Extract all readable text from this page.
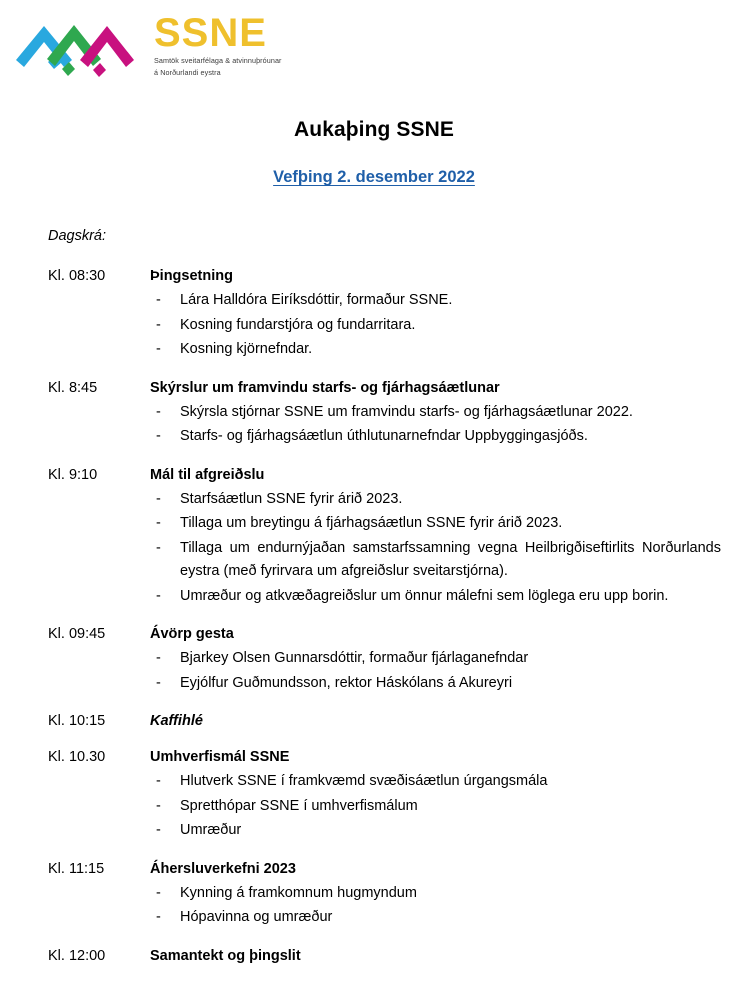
SSNE
Samtök sveitarfélaga & atvinnuþróunar
á Norðurlandi eystra
Aukaþing SSNE
Vefþing 2. desember 2022
Dagskrá:
Kl. 08:30	Þingsetning
- Lára Halldóra Eiríksdóttir, formaður SSNE.
- Kosning fundarstjóra og fundarritara.
- Kosning kjörnefndar.
Kl. 8:45	Skýrslur um framvindu starfs- og fjárhagsáætlunar
- Skýrsla stjórnar SSNE um framvindu starfs- og fjárhagsáætlunar 2022.
- Starfs- og fjárhagsáætlun úthlutunarnefndar Uppbyggingasjóðs.
Kl. 9:10	Mál til afgreiðslu
- Starfsáætlun SSNE fyrir árið 2023.
- Tillaga um breytingu á fjárhagsáætlun SSNE fyrir árið 2023.
- Tillaga um endurnýjaðan samstarfssamning vegna Heilbrigðiseftirlits Norðurlands eystra (með fyrirvara um afgreiðslur sveitarstjórna).
- Umræður og atkvæðagreiðslur um önnur málefni sem löglega eru upp borin.
Kl. 09:45	Ávörp gesta
- Bjarkey Olsen Gunnarsdóttir, formaður fjárlaganefndar
- Eyjólfur Guðmundsson, rektor Háskólans á Akureyri
Kl. 10:15	Kaffihlé
Kl. 10.30	Umhverfismál SSNE
- Hlutverk SSNE í framkvæmd svæðisáætlun úrgangsmála
- Spretthópar SSNE í umhverfismálum
- Umræður
Kl. 11:15	Áhersluverkefni 2023
- Kynning á framkomnum hugmyndum
- Hópavinna og umræður
Kl. 12:00	Samantekt og þingslit
